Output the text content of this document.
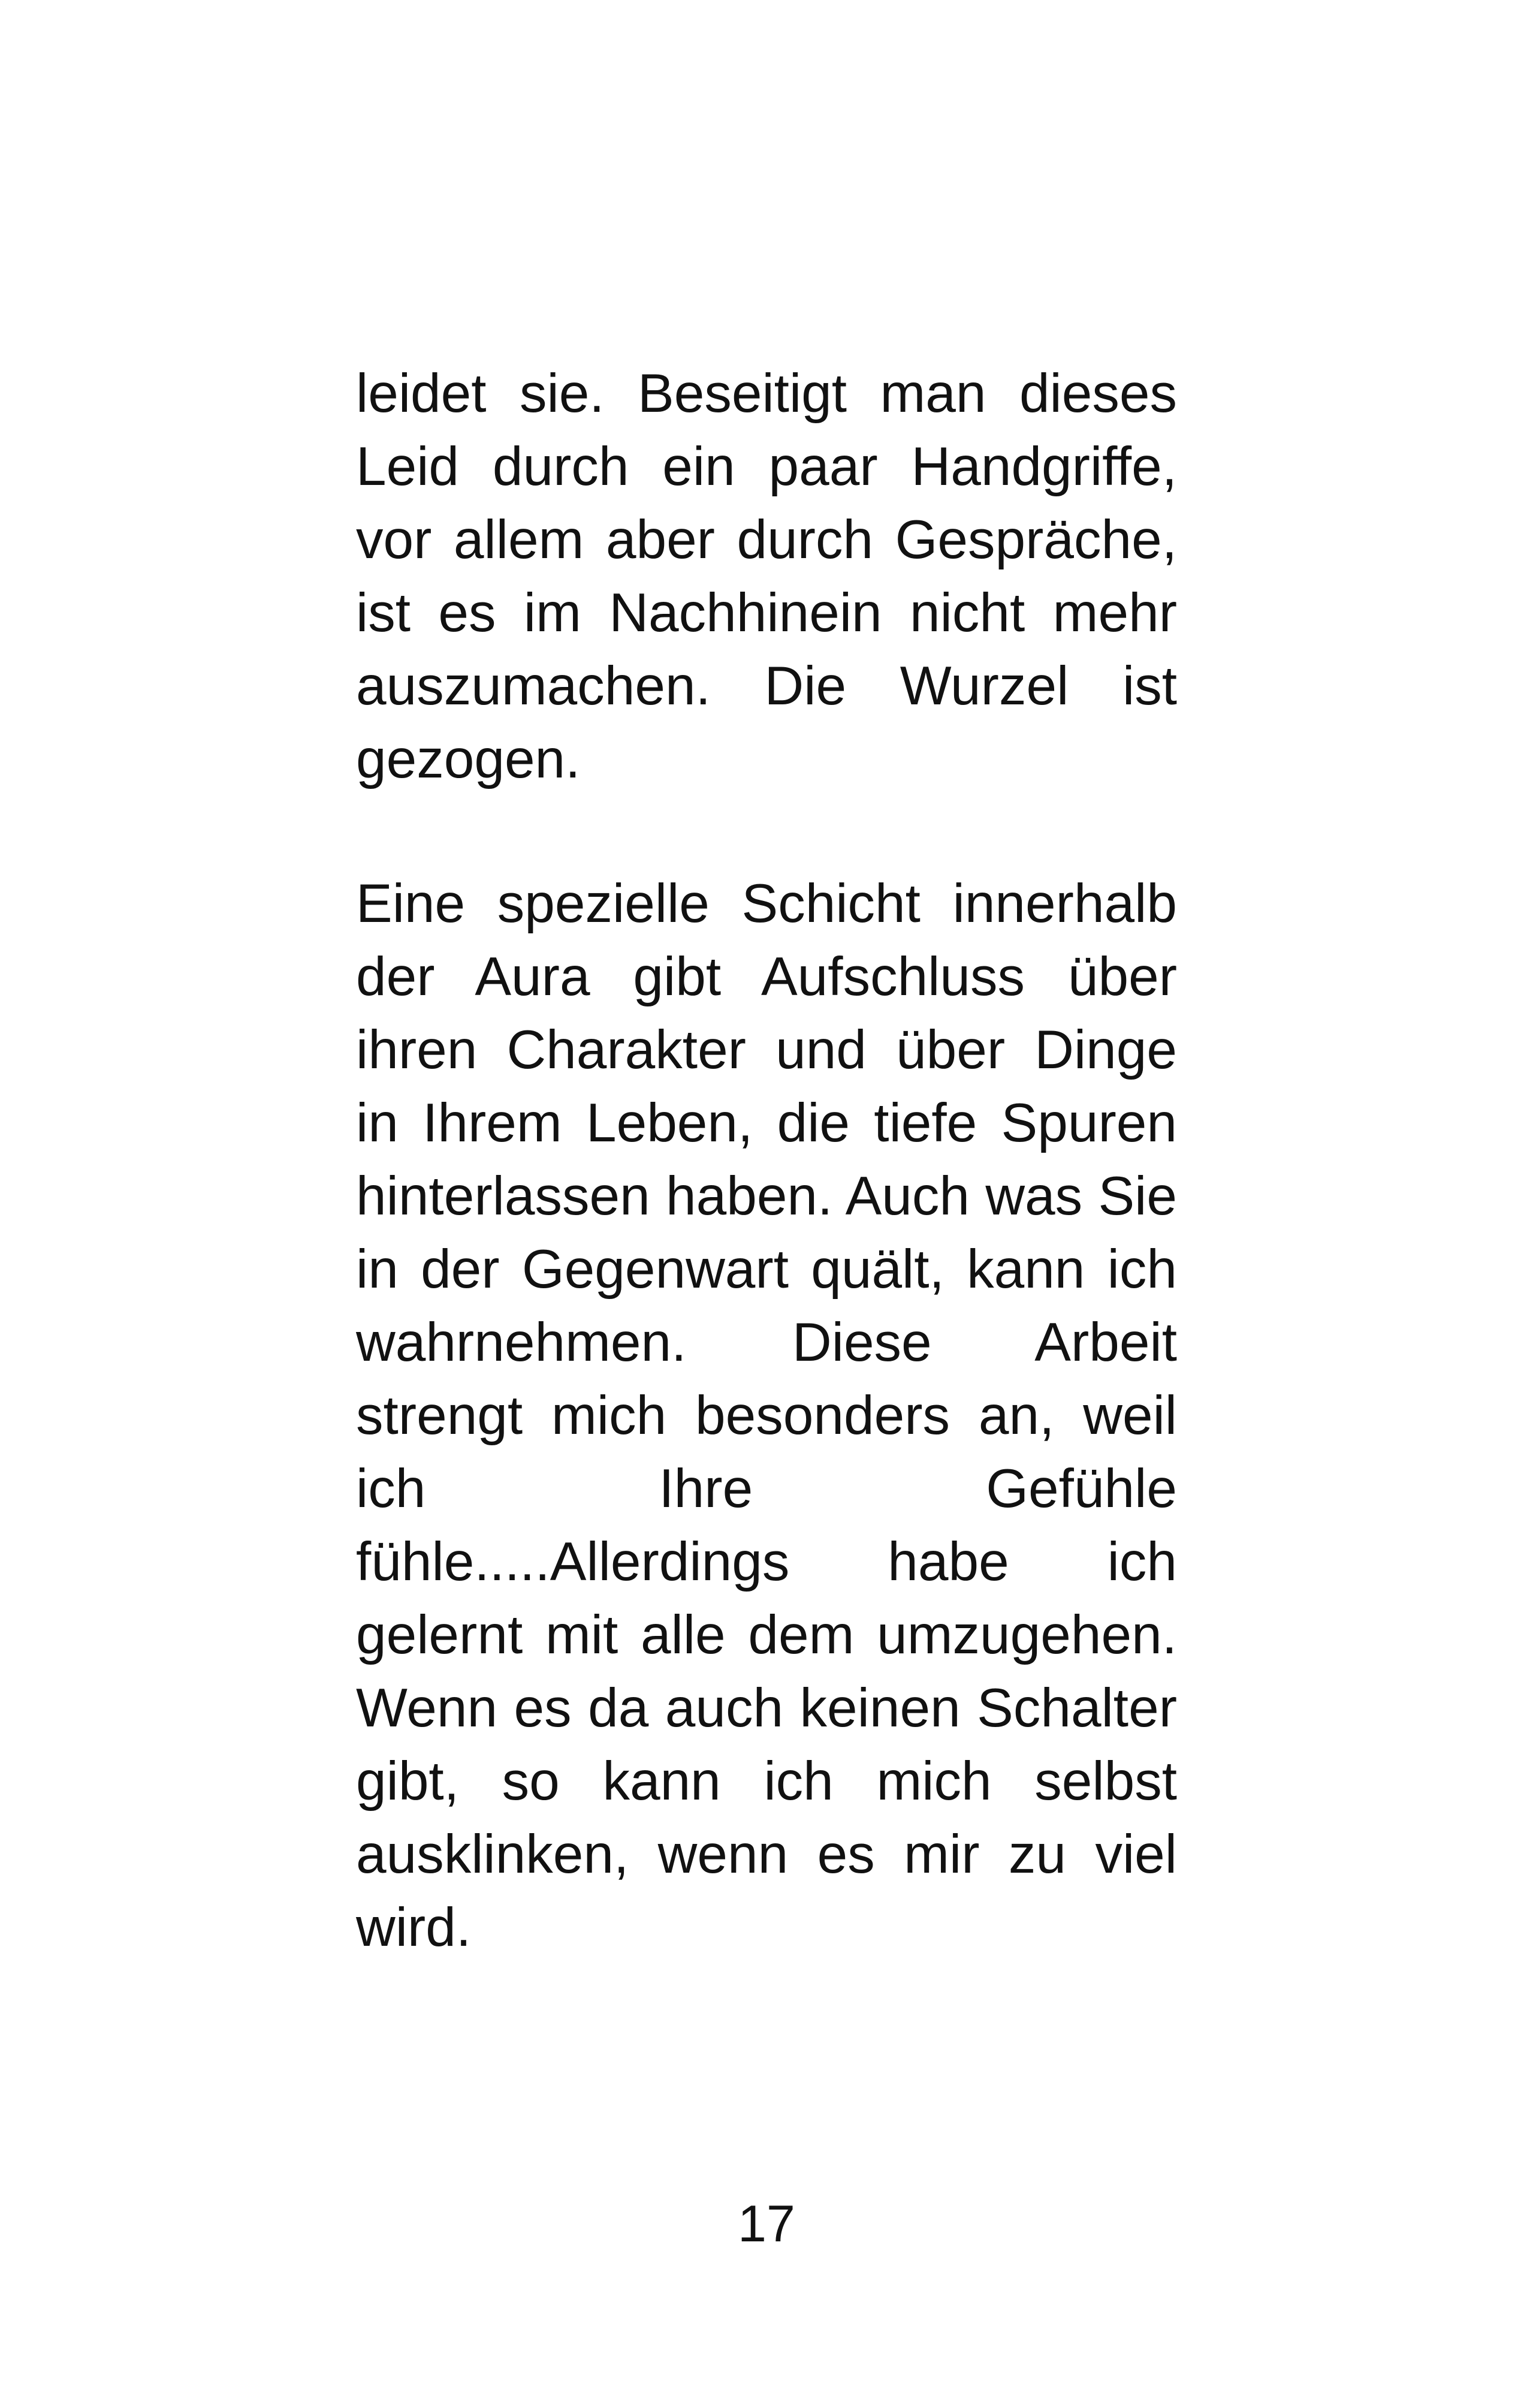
leidet sie. Beseitigt man dieses
Leid durch ein paar Handgriffe,
vor allem aber durch Gespräche,
ist es im Nachhinein nicht mehr
auszumachen. Die Wurzel ist
gezogen.
Eine spezielle Schicht innerhalb
der Aura gibt Aufschluss über
ihren Charakter und über Dinge
in Ihrem Leben, die tiefe Spuren
hinterlassen haben. Auch was Sie
in der Gegenwart quält, kann ich
wahrnehmen. Diese Arbeit
strengt mich besonders an, weil
ich Ihre Gefühle
fühle.....Allerdings habe ich
gelernt mit alle dem umzugehen.
Wenn es da auch keinen Schalter
gibt, so kann ich mich selbst
ausklinken, wenn es mir zu viel
wird.
17
